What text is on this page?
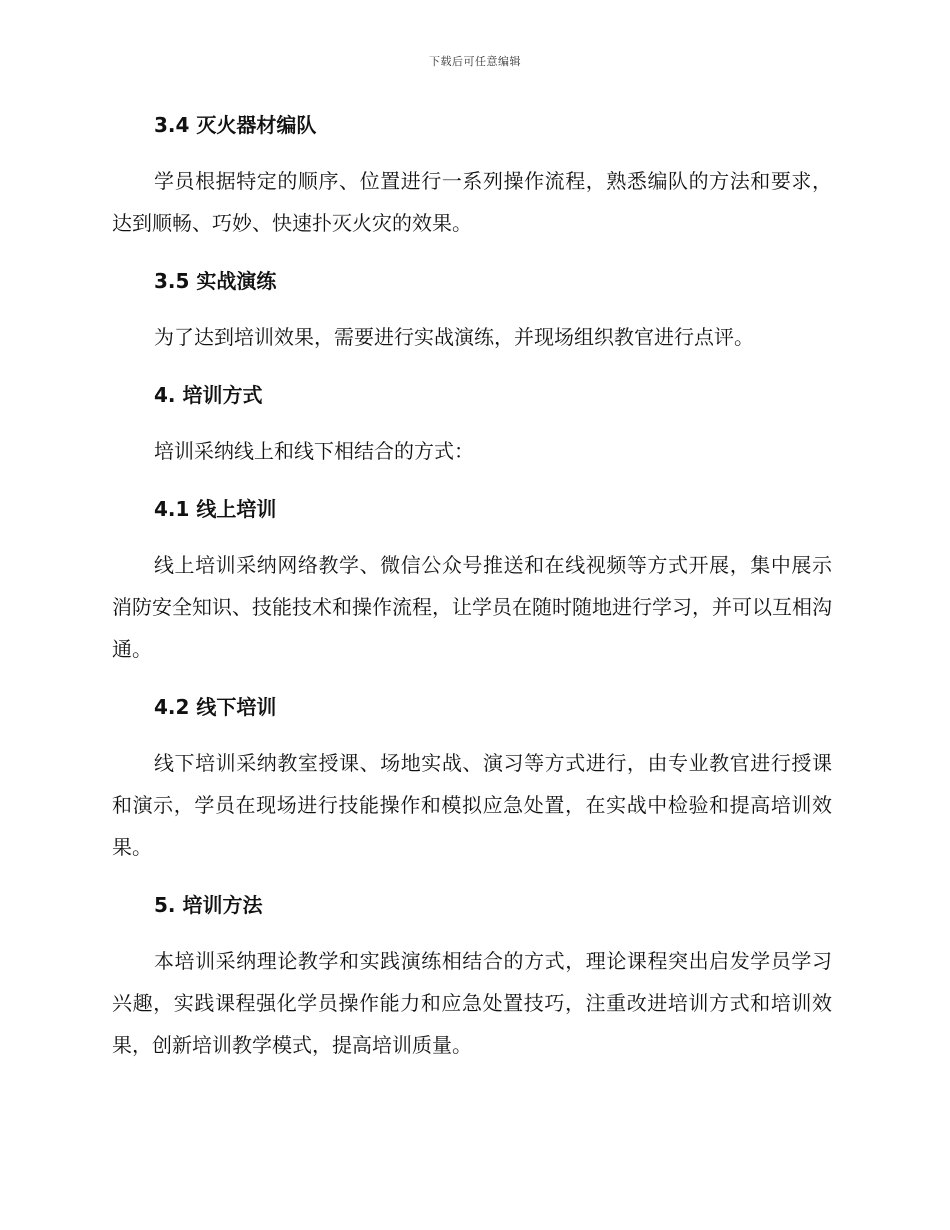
下载后可任意编辑
3.4 灭火器材编队

学员根据特定的顺序、位置进行一系列操作流程，熟悉编队的方法和要求，达到顺畅、巧妙、快速扑灭火灾的效果。

3.5 实战演练

为了达到培训效果，需要进行实战演练，并现场组织教官进行点评。

4. 培训方式

培训采纳线上和线下相结合的方式：

4.1 线上培训

线上培训采纳网络教学、微信公众号推送和在线视频等方式开展，集中展示消防安全知识、技能技术和操作流程，让学员在随时随地进行学习，并可以互相沟通。

4.2 线下培训

线下培训采纳教室授课、场地实战、演习等方式进行，由专业教官进行授课和演示，学员在现场进行技能操作和模拟应急处置，在实战中检验和提高培训效果。

5. 培训方法

本培训采纳理论教学和实践演练相结合的方式，理论课程突出启发学员学习兴趣，实践课程强化学员操作能力和应急处置技巧，注重改进培训方式和培训效果，创新培训教学模式，提高培训质量。
